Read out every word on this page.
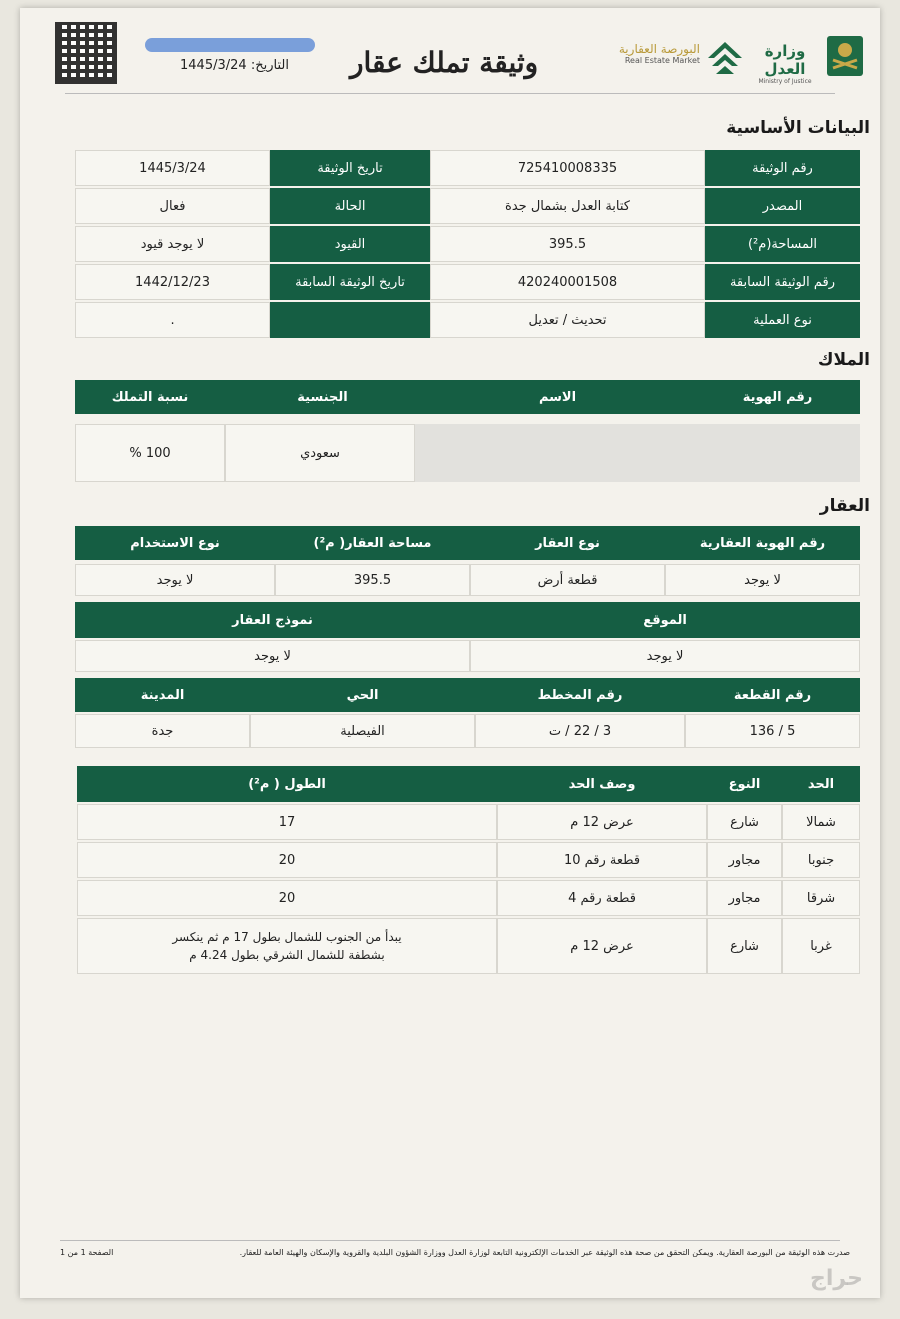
التاريخ: 1445/3/24	وثيقة تملك عقار	البورصة العقارية
Real Estate Market
وزارة العدل
Ministry of Justice
البيانات الأساسية
رقم الوثيقة
725410008335
تاريخ الوثيقة
1445/3/24
المصدر
كتابة العدل بشمال جدة
الحالة
فعال
المساحة(م²)
395.5
القيود
لا يوجد قيود
رقم الوثيقة السابقة
420240001508
تاريخ الوثيقة السابقة
1442/12/23
نوع العملية
تحديث / تعديل
.
الملاك
رقم الهوية
الاسم
الجنسية
نسبة التملك
سعودي
100 %
العقار
رقم الهوية العقارية
نوع العقار
مساحة العقار( م²)
نوع الاستخدام
لا يوجد
قطعة أرض
395.5
لا يوجد
الموقع
نموذج العقار
لا يوجد
لا يوجد
رقم القطعة
رقم المخطط
الحي
المدينة
5 / 136
3 / 22 / ت
الفيصلية
جدة
الحد
النوع
وصف الحد
الطول ( م²)
شمالا
شارع
عرض 12 م
17
جنوبا
مجاور
قطعة رقم 10
20
شرقا
مجاور
قطعة رقم 4
20
غربا
شارع
عرض 12 م
يبدأ من الجنوب للشمال بطول 17 م ثم ينكسر
بشطفة للشمال الشرقي بطول 4.24 م
صدرت هذه الوثيقة من البورصة العقارية. ويمكن التحقق من صحة هذه الوثيقة عبر الخدمات الإلكترونية التابعة لوزارة العدل ووزارة الشؤون البلدية والقروية والإسكان والهيئة العامة للعقار.
الصفحة 1 من 1
حراج
